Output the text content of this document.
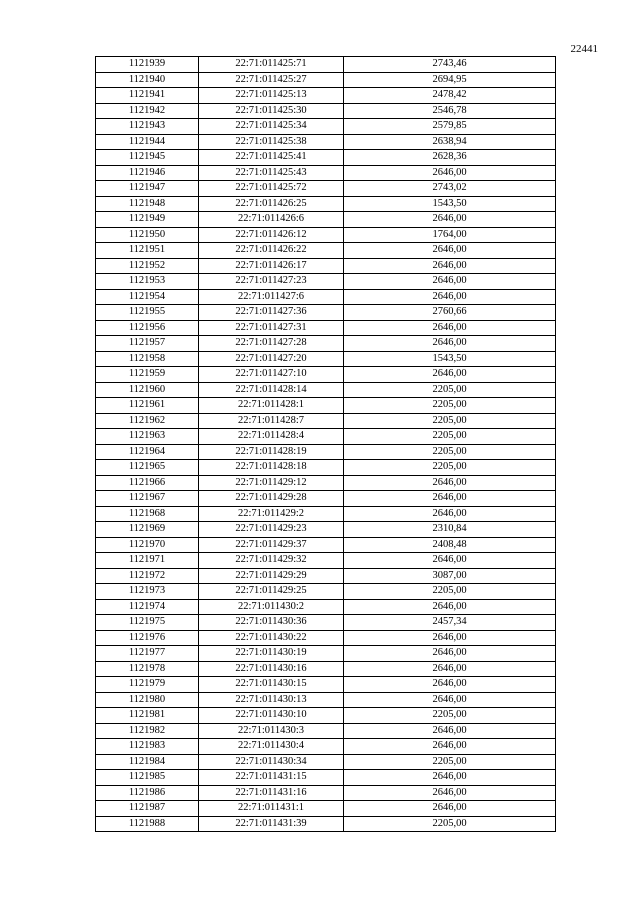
22441
1121939	22:71:011425:71	2743,46
1121940	22:71:011425:27	2694,95
1121941	22:71:011425:13	2478,42
1121942	22:71:011425:30	2546,78
1121943	22:71:011425:34	2579,85
1121944	22:71:011425:38	2638,94
1121945	22:71:011425:41	2628,36
1121946	22:71:011425:43	2646,00
1121947	22:71:011425:72	2743,02
1121948	22:71:011426:25	1543,50
1121949	22:71:011426:6	2646,00
1121950	22:71:011426:12	1764,00
1121951	22:71:011426:22	2646,00
1121952	22:71:011426:17	2646,00
1121953	22:71:011427:23	2646,00
1121954	22:71:011427:6	2646,00
1121955	22:71:011427:36	2760,66
1121956	22:71:011427:31	2646,00
1121957	22:71:011427:28	2646,00
1121958	22:71:011427:20	1543,50
1121959	22:71:011427:10	2646,00
1121960	22:71:011428:14	2205,00
1121961	22:71:011428:1	2205,00
1121962	22:71:011428:7	2205,00
1121963	22:71:011428:4	2205,00
1121964	22:71:011428:19	2205,00
1121965	22:71:011428:18	2205,00
1121966	22:71:011429:12	2646,00
1121967	22:71:011429:28	2646,00
1121968	22:71:011429:2	2646,00
1121969	22:71:011429:23	2310,84
1121970	22:71:011429:37	2408,48
1121971	22:71:011429:32	2646,00
1121972	22:71:011429:29	3087,00
1121973	22:71:011429:25	2205,00
1121974	22:71:011430:2	2646,00
1121975	22:71:011430:36	2457,34
1121976	22:71:011430:22	2646,00
1121977	22:71:011430:19	2646,00
1121978	22:71:011430:16	2646,00
1121979	22:71:011430:15	2646,00
1121980	22:71:011430:13	2646,00
1121981	22:71:011430:10	2205,00
1121982	22:71:011430:3	2646,00
1121983	22:71:011430:4	2646,00
1121984	22:71:011430:34	2205,00
1121985	22:71:011431:15	2646,00
1121986	22:71:011431:16	2646,00
1121987	22:71:011431:1	2646,00
1121988	22:71:011431:39	2205,00
